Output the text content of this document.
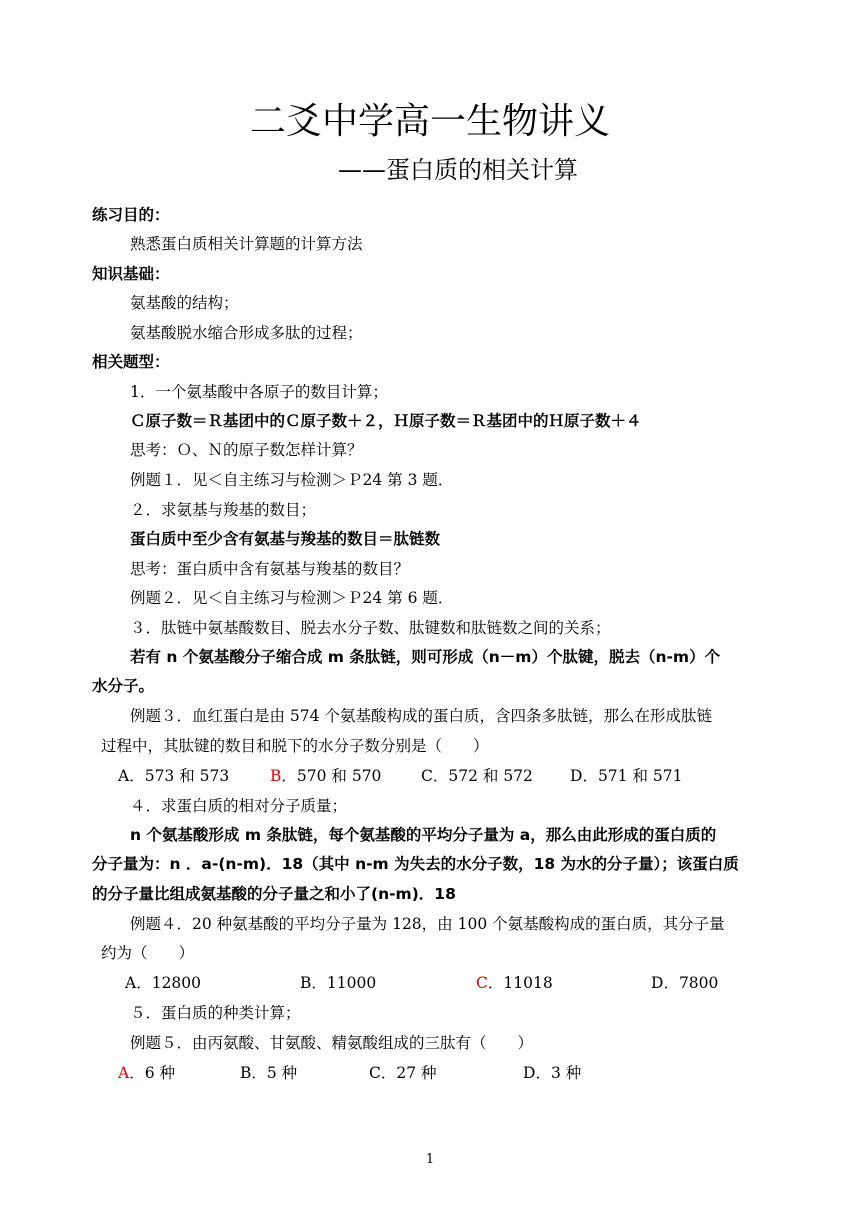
二爻中学高一生物讲义
——蛋白质的相关计算
练习目的：
熟悉蛋白质相关计算题的计算方法
知识基础：
氨基酸的结构；
氨基酸脱水缩合形成多肽的过程；
相关题型：
1．一个氨基酸中各原子的数目计算；
Ｃ原子数＝Ｒ基团中的Ｃ原子数＋２，Ｈ原子数＝Ｒ基团中的Ｈ原子数＋４
思考：Ｏ、Ｎ的原子数怎样计算？
例题１．见＜自主练习与检测＞Ｐ24 第 3 题．
２．求氨基与羧基的数目；
蛋白质中至少含有氨基与羧基的数目＝肽链数
思考：蛋白质中含有氨基与羧基的数目？
例题２．见＜自主练习与检测＞Ｐ24 第 6 题．
３．肽链中氨基酸数目、脱去水分子数、肽键数和肽链数之间的关系；
若有 n 个氨基酸分子缩合成 m 条肽链，则可形成（n－m）个肽键，脱去（n-m）个
水分子。
例题３．血红蛋白是由 574 个氨基酸构成的蛋白质，含四条多肽链，那么在形成肽链
过程中，其肽键的数目和脱下的水分子数分别是（　　）
A．573 和 573	B．570 和 570	C．572 和 572 D．571 和 571
４．求蛋白质的相对分子质量；
n 个氨基酸形成 m 条肽链，每个氨基酸的平均分子量为 a，那么由此形成的蛋白质的
分子量为：n ．a-(n-m)．18（其中 n-m 为失去的水分子数，18 为水的分子量）；该蛋白质
的分子量比组成氨基酸的分子量之和小了(n-m)．18
例题４．20 种氨基酸的平均分子量为 128，由 100 个氨基酸构成的蛋白质，其分子量
约为（　　）
A．12800	B．11000	C．11018	D．7800
５．蛋白质的种类计算；
例题５．由丙氨酸、甘氨酸、精氨酸组成的三肽有（　　）
A．6 种	B．5 种	C．27 种	D．3 种
1
